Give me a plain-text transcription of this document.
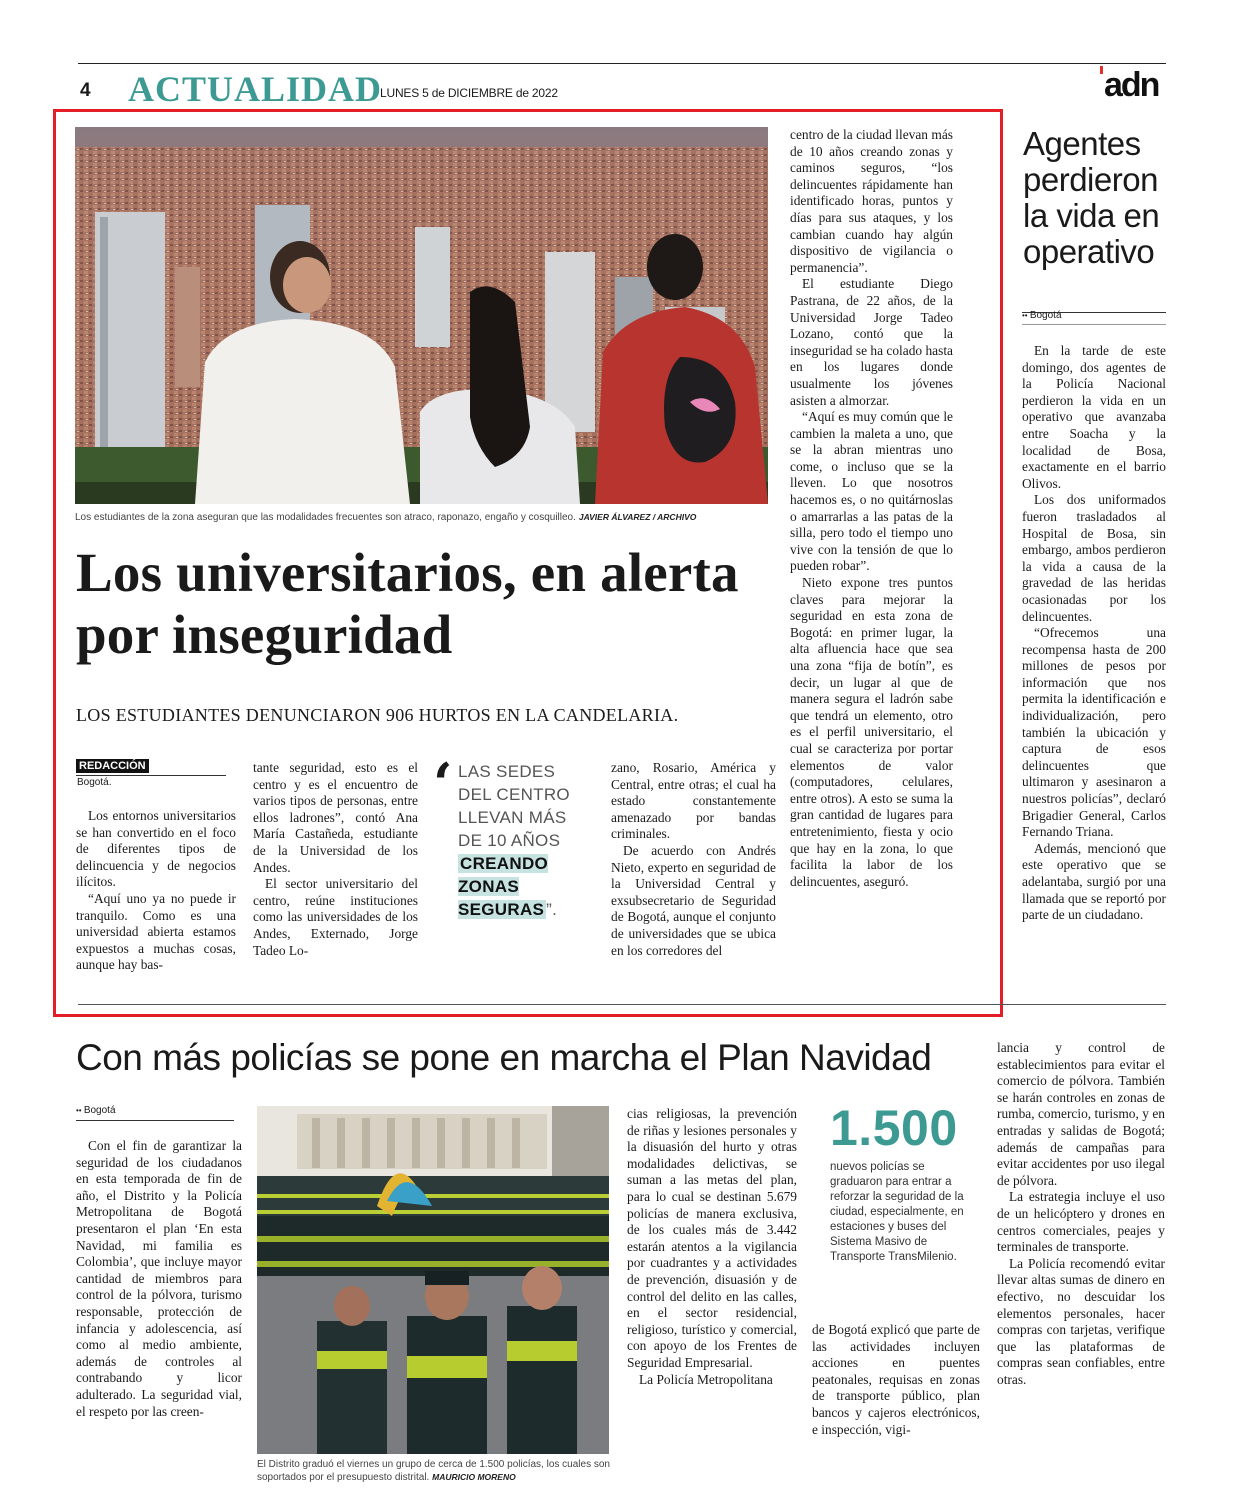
4 ACTUALIDAD
LUNES 5 de DICIEMBRE de 2022	adn
Los estudiantes de la zona aseguran que las modalidades frecuentes son atraco, raponazo, engaño y cosquilleo. JAVIER ÁLVAREZ / ARCHIVO
Los universitarios, en alerta por inseguridad
LOS ESTUDIANTES DENUNCIARON 906 HURTOS EN LA CANDELARIA.
REDACCIÓN
Bogotá.

Los entornos universitarios se han convertido en el foco de diferentes tipos de delincuencia y de negocios ilícitos.

“Aquí uno ya no puede ir tranquilo. Como es una universidad abierta estamos expuestos a muchas cosas, aunque hay bas-

tante seguridad, esto es el centro y es el encuentro de varios tipos de personas, entre ellos ladrones”, contó Ana María Castañeda, estudiante de la Universidad de los Andes.

El sector universitario del centro, reúne instituciones como las universidades de los Andes, Externado, Jorge Tadeo Lo-

‘ LAS SEDES DEL CENTRO LLEVAN MÁS DE 10 AÑOS CREANDO ZONAS SEGURAS ”.

zano, Rosario, América y Central, entre otras; el cual ha estado constantemente amenazado por bandas criminales.

De acuerdo con Andrés Nieto, experto en seguridad de la Universidad Central y exsubsecretario de Seguridad de Bogotá, aunque el conjunto de universidades que se ubica en los corredores del

centro de la ciudad llevan más de 10 años creando zonas y caminos seguros, “los delincuentes rápidamente han identificado horas, puntos y días para sus ataques, y los cambian cuando hay algún dispositivo de vigilancia o permanencia”.

El estudiante Diego Pastrana, de 22 años, de la Universidad Jorge Tadeo Lozano, contó que la inseguridad se ha colado hasta en los lugares donde usualmente los jóvenes asisten a almorzar.

“Aquí es muy común que le cambien la maleta a uno, que se la abran mientras uno come, o incluso que se la lleven. Lo que nosotros hacemos es, o no quitárnoslas o amarrarlas a las patas de la silla, pero todo el tiempo uno vive con la tensión de que lo pueden robar”.

Nieto expone tres puntos claves para mejorar la seguridad en esta zona de Bogotá: en primer lugar, la alta afluencia hace que sea una zona “fija de botín”, es decir, un lugar al que de manera segura el ladrón sabe que tendrá un elemento, otro es el perfil universitario, el cual se caracteriza por portar elementos de valor (computadores, celulares, entre otros). A esto se suma la gran cantidad de lugares para entretenimiento, fiesta y ocio que hay en la zona, lo que facilita la labor de los delincuentes, aseguró.

Agentes perdieron la vida en operativo
•• Bogotá

En la tarde de este domingo, dos agentes de la Policía Nacional perdieron la vida en un operativo que avanzaba entre Soacha y la localidad de Bosa, exactamente en el barrio Olivos.

Los dos uniformados fueron trasladados al Hospital de Bosa, sin embargo, ambos perdieron la vida a causa de la gravedad de las heridas ocasionadas por los delincuentes.

“Ofrecemos una recompensa hasta de 200 millones de pesos por información que nos permita la identificación e individualización, pero también la ubicación y captura de esos delincuentes que ultimaron y asesinaron a nuestros policías”, declaró Brigadier General, Carlos Fernando Triana.

Además, mencionó que este operativo que se adelantaba, surgió por una llamada que se reportó por parte de un ciudadano.

Con más policías se pone en marcha el Plan Navidad
•• Bogotá

Con el fin de garantizar la seguridad de los ciudadanos en esta temporada de fin de año, el Distrito y la Policía Metropolitana de Bogotá presentaron el plan ‘En esta Navidad, mi familia es Colombia’, que incluye mayor cantidad de miembros para control de la pólvora, turismo responsable, protección de infancia y adolescencia, así como al medio ambiente, además de controles al contrabando y licor adulterado. La seguridad vial, el respeto por las creen-

El Distrito graduó el viernes un grupo de cerca de 1.500 policías, los cuales son soportados por el presupuesto distrital. MAURICIO MORENO

cias religiosas, la prevención de riñas y lesiones personales y la disuasión del hurto y otras modalidades delictivas, se suman a las metas del plan, para lo cual se destinan 5.679 policías de manera exclusiva, de los cuales más de 3.442 estarán atentos a la vigilancia por cuadrantes y a actividades de prevención, disuasión y de control del delito en las calles, en el sector residencial, religioso, turístico y comercial, con apoyo de los Frentes de Seguridad Empresarial.

La Policía Metropolitana

1.500
nuevos policías se graduaron para entrar a reforzar la seguridad de la ciudad, especialmente, en estaciones y buses del Sistema Masivo de Transporte TransMilenio.

de Bogotá explicó que parte de las actividades incluyen acciones en puentes peatonales, requisas en zonas de transporte público, plan bancos y cajeros electrónicos, e inspección, vigi-

lancia y control de establecimientos para evitar el comercio de pólvora. También se harán controles en zonas de rumba, comercio, turismo, y en entradas y salidas de Bogotá; además de campañas para evitar accidentes por uso ilegal de pólvora.

La estrategia incluye el uso de un helicóptero y drones en centros comerciales, peajes y terminales de transporte.

La Policía recomendó evitar llevar altas sumas de dinero en efectivo, no descuidar los elementos personales, hacer compras con tarjetas, verifique que las plataformas de compras sean confiables, entre otras.
